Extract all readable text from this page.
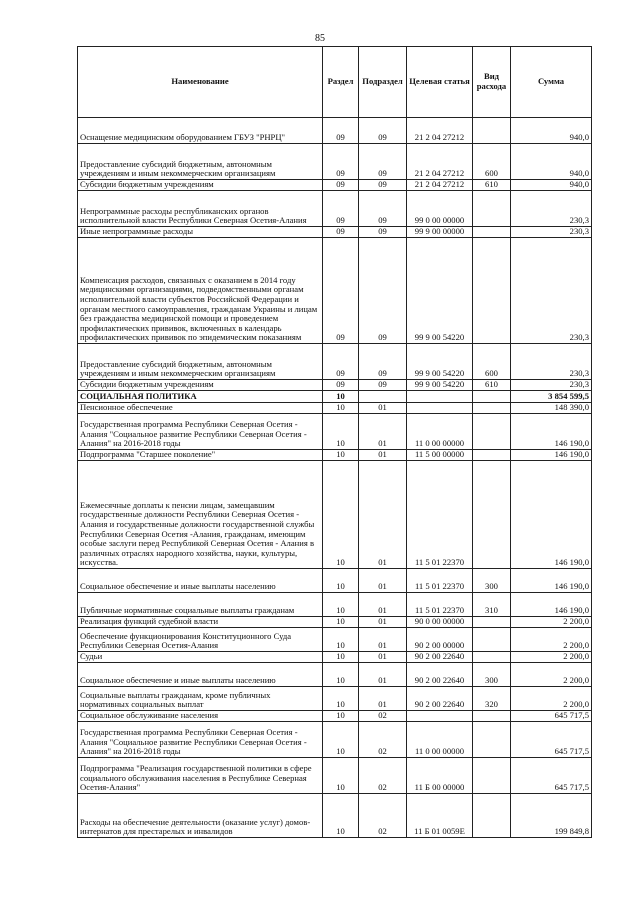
85
Наименование	Раздел	Подраздел	Целевая статья	Вид расхода	Сумма
Оснащение медицинским оборудованием ГБУЗ "РНРЦ"	09	09	21 2 04 27212		940,0
Предоставление субсидий бюджетным, автономным учреждениям и иным некоммерческим организациям	09	09	21 2 04 27212	600	940,0
Субсидии бюджетным учреждениям	09	09	21 2 04 27212	610	940,0
Непрограммные расходы республиканских органов исполнительной власти Республики Северная Осетия-Алания	09	09	99 0 00 00000		230,3
Иные непрограммные расходы	09	09	99 9 00 00000		230,3
Компенсация расходов, связанных с оказанием в 2014 году медицинскими организациями, подведомственными органам исполнительной власти субъектов Российской Федерации и органам местного самоуправления, гражданам Украины и лицам без гражданства медицинской помощи и проведением профилактических прививок, включенных в календарь профилактических прививок по эпидемическим показаниям	09	09	99 9 00 54220		230,3
Предоставление субсидий бюджетным, автономным учреждениям и иным некоммерческим организациям	09	09	99 9 00 54220	600	230,3
Субсидии бюджетным учреждениям	09	09	99 9 00 54220	610	230,3
СОЦИАЛЬНАЯ ПОЛИТИКА	10				3 854 599,5
Пенсионное обеспечение	10	01			148 390,0
Государственная программа Республики Северная Осетия - Алания "Социальное развитие Республики Северная Осетия - Алания" на 2016-2018 годы	10	01	11 0 00 00000		146 190,0
Подпрограмма "Старшее поколение"	10	01	11 5 00 00000		146 190,0
Ежемесячные доплаты к пенсии лицам, замещавшим государственные должности Республики Северная Осетия - Алания и государственные должности государственной службы Республики Северная Осетия -Алания, гражданам, имеющим особые заслуги перед Республикой Северная Осетия - Алания в различных отраслях народного хозяйства, науки, культуры, искусства.	10	01	11 5 01 22370		146 190,0
Социальное обеспечение и иные выплаты населению	10	01	11 5 01 22370	300	146 190,0
Публичные нормативные социальные выплаты гражданам	10	01	11 5 01 22370	310	146 190,0
Реализация функций судебной власти	10	01	90 0 00 00000		2 200,0
Обеспечение функционирования Конституционного Суда Республики Северная Осетия-Алания	10	01	90 2 00 00000		2 200,0
Судьи	10	01	90 2 00 22640		2 200,0
Социальное обеспечение и иные выплаты населению	10	01	90 2 00 22640	300	2 200,0
Социальные выплаты гражданам, кроме публичных нормативных социальных выплат	10	01	90 2 00 22640	320	2 200,0
Социальное обслуживание населения	10	02			645 717,5
Государственная программа Республики Северная Осетия - Алания "Социальное развитие Республики Северная Осетия - Алания" на 2016-2018 годы	10	02	11 0 00 00000		645 717,5
Подпрограмма "Реализация государственной политики в сфере социального обслуживания населения в Республике Северная Осетия-Алания"	10	02	11 Б 00 00000		645 717,5
Расходы на обеспечение деятельности (оказание услуг) домов-интернатов для престарелых и инвалидов	10	02	11 Б 01 0059Е		199 849,8
